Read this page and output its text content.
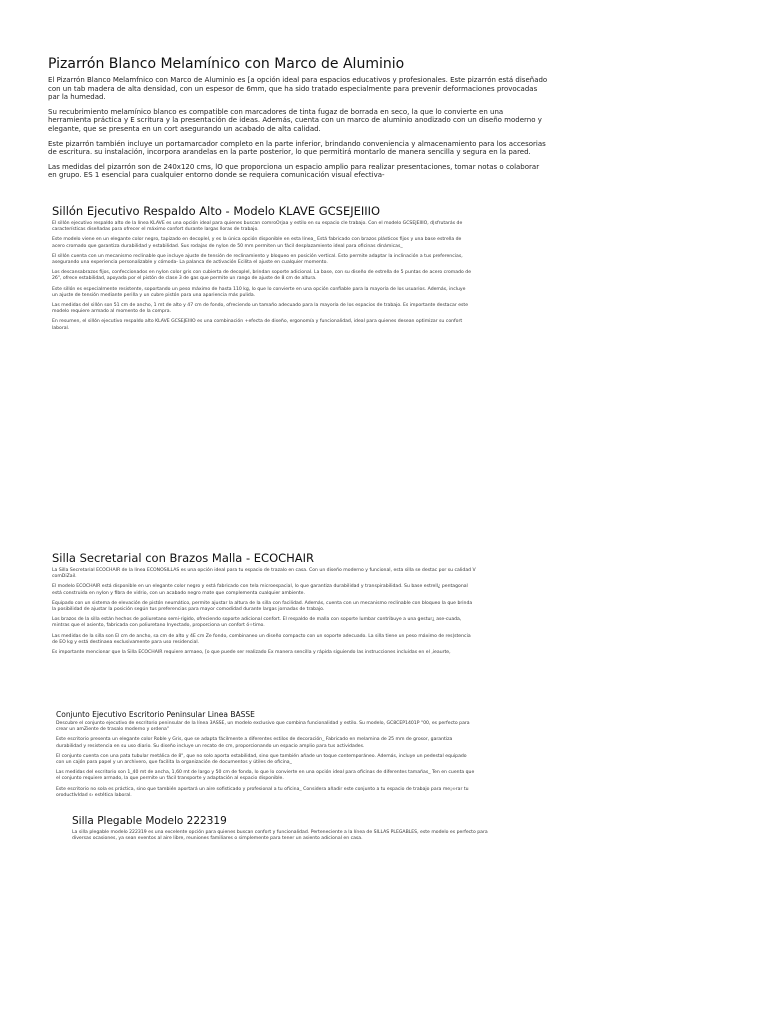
Pizarrón Blanco Melamínico con Marco de Aluminio

El Pizarrón Blanco Melamfnico con Marco de Aluminio es [a opción ideal para espacios educativos y profesionales. Este pizarrón está diseñado con un tab madera de alta densidad, con un espesor de 6mm, que ha sido tratado especialmente para prevenir deformaciones provocadas par la humedad.

Su recubrimiento melamínico blanco es compatible con marcadores de tinta fugaz de borrada en seco, la que lo convierte en una herramienta práctica y E scritura y la presentación de ideas. Además, cuenta con un marco de aluminio anodizado con un diseño moderno y elegante, que se presenta en un cort asegurando un acabado de alta calidad.

Este pizarrón también incluye un portamarcador completo en la parte inferior, brindando conveniencia y almacenamiento para los accesorias de escritura. su instalación, incorpora arandelas en la parte posterior, lo que permitirá montarlo de manera sencilla y segura en la pared.

Las medidas del pizarrón son de 240x120 cms, lO que proporciona un espacio amplio para realizar presentaciones, tomar notas o colaborar en grupo. ES 1 esencial para cualquier entorno donde se requiera comunicación visual efectiva-

Sillón Ejecutivo Respaldo Alto - Modelo KLAVE GCSEJEIIIO

El sillón ejecutivo respaldo alto de la línea KLAVE es una opción ideal para quienes buscan comroOrjaa y estilo en su espacio cle trabajo. Con el modelo GCSEJEIIIO, d|sfrutarás de características diseñadas para ofrecer el máximo confort durante largas lloras de trabajo.

Este modelo viene en un elegante color negro, tapizado en decoplel, y es la única opción disponible en esta línea_ Está fabricado con brazos plásticos fijos y una base estrella de acero cromado que garantiza durabilidad y estabilidad. Sus rodajas de nylon de 50 mm permiten un fácil desplazamiento ideal para oficinas dinámicas_

El sillón cuenta con un mecanismo reclinable que incluye ajuste de tensión de reclinamiento y bloqueo en posición vertical. Esto permite adaptar la inclinación a tus preferencias, asegurando una experiencia personalizable y cómoda- La palanca de activación Ecilita el ajuste en cualquier momento.

Los descansabrazos fijos, confeccionados en nylon color gris con cubierta de decoplel, brindan soporte adicional. La base, con su diseño de estrella de 5 puntas de acero cromado de 26", ofrece estabilidad, apoyada por el pistón de clase 3 de gas que permite un rango de ajuste de 8 cm de altura.

Este sillón es especialmente resistente, soportando un peso máximo de hasta 110 kg, lo que lo convierte en una opción confiable para la mayoría de los usuarios. Además, incluye un ajuste de tensión mediante perilla y un cubre pistón para una apariencia más pulida.

Las medidas del sillón son 51 cm de ancho, 1 mt de alto y 47 cm de fondo, ofreciendo un tamaño adecuado para la mayoría de los espacios de trabajo. Es importante destacar este modelo requiere armado al momento de la compra.

En resumen, el sillón ejecutivo respaldo alto KLAVE GCSEJEIIIO es una combinación +efecta de diseño, ergonomía y funcionalidad, ideal para quienes desean optimizar su confort laboral.

Silla Secretarial con Brazos Malla - ECOCHAIR

La Silla Secretarial ECOCHAIR de la línea ECONOSILLAS es una opción ideal para tu espacio de trazalo en casa. Con un diseño moderno y funcional, esta silla se destac por su calidad V comDiZail.

El modelo ECOCHAIR está disponible en un elegante color negro y está fabricado con tela microespacial, lo que garantiza durabilidad y transpirabilidad. Su base estrell¿ pentagonal está construida en nylon y fibra de vidrio, con un acabado negro mate que complementa cualquier ambiente.

Equipado con un sistema de elevación de pistón neumático, permite ajustar la altura de la silla con facilidad. Además, cuenta con un mecanismo reclinable con bloqueo la que brinda la posibilidad de ajustar la posición según tus preferencias para mayor comodidad durante largas jornadas de trabajo.

Los brazos de la silla están hechos de poliuretano semi-rigido, ofreciendo soporte adicional confort. El respaldo de malla con soporte lumbar contribuye a una gestur¿ ase-cuada, mintras que el asiento, fabricada con poliuretano Inyectado, proporciona un confort ó÷timo.

Las medidas de la silla son El cm de ancho, sa cm de alto y 4E cm Ze fondo, combinaneo un diseño compacto con un soporte adecuado. La silla tiene un peso máximo de res|stencia de EO kg y está destinaea exclusivamente para uso residencial.

Es importante mencionar que la Silla ECOCHAIR requiere armaeo, [o que puede ser realizado Ex manera sencilla y rápida siguiendo las instrucciones incluidas en el ,ieaurte,

Conjunto Ejecutivo Escritorio Peninsular Linea BASSE

Descubre el conjunto ejecutivo de escritorio peninsular de la línea 3ASSE, un modelo exclusivo que combina funcionalidad y estilo. Su modelo, GC8CEP1401P "00, es perfecto para crear un amZiente de trasalo moderno y ordena"

Este escritorio presenta un elegante color Roble y Gris, que se adapta fácilmente a diferentes estilos de decoración_ Fabricado en melamina de 25 mm de grosor, garantiza durabilidad y resistencia en su uso diario. Su diseño incluye un recato de cm, proporcionando un espacio amplio para tus actividades.

El conjunto cuenta con una pata tubular metálica de 8", que no solo aporta estabilidad, sino que también añade un toque contemporáneo. Además, incluye un pedestal equipado con un cajón para papel y un archivero, que facilita la organización de documentos y útiles de oficina_

Las medidas del escritorio son 1_40 mt de ancha, 1,60 mt de largo y 50 cm de fonda, lo que lo convierte en una opción ideal para oficinas de diferentes tamañas_ Ten en cuenta que el conjunto requiere armado, la que permite un fácil transporte y adaptación al espacio disponible.

Este escritorio no sola es práctica, sino que también aportará un aire sofisticado y profesional a tu oficina_ Considera añadir este conjunto a tu espacio de trabajo para me¡∞rar tu oroductIvIdad s‹ estética laboral.

Silla Plegable Modelo 222319

La silla plegable modelo 222319 es una excelente opción para quienes buscan confort y funcionalidad. Perteneciente a la línea de SILLAS PLEGABLES, este modelo es perfecto para diversas ocasiones, ya sean eventos al aire libre, reuniones familiares o simplemente para tener un asiento adicional en casa.
